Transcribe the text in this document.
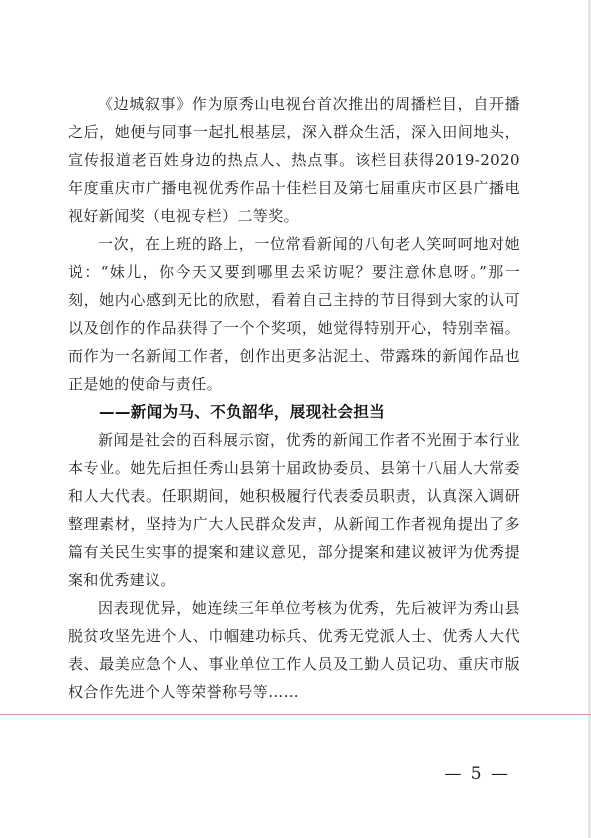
《边城叙事》作为原秀山电视台首次推出的周播栏目，自开播之后，她便与同事一起扎根基层，深入群众生活，深入田间地头，宣传报道老百姓身边的热点人、热点事。该栏目获得2019-2020年度重庆市广播电视优秀作品十佳栏目及第七届重庆市区县广播电视好新闻奖（电视专栏）二等奖。

一次，在上班的路上，一位常看新闻的八旬老人笑呵呵地对她说：“妹儿，你今天又要到哪里去采访呢？要注意休息呀。”那一刻，她内心感到无比的欣慰，看着自己主持的节目得到大家的认可以及创作的作品获得了一个个奖项，她觉得特别开心，特别幸福。而作为一名新闻工作者，创作出更多沾泥土、带露珠的新闻作品也正是她的使命与责任。

——新闻为马、不负韶华，展现社会担当

新闻是社会的百科展示窗，优秀的新闻工作者不光囿于本行业本专业。她先后担任秀山县第十届政协委员、县第十八届人大常委和人大代表。任职期间，她积极履行代表委员职责，认真深入调研整理素材，坚持为广大人民群众发声，从新闻工作者视角提出了多篇有关民生实事的提案和建议意见，部分提案和建议被评为优秀提案和优秀建议。

因表现优异，她连续三年单位考核为优秀，先后被评为秀山县脱贫攻坚先进个人、巾帼建功标兵、优秀无党派人士、优秀人大代表、最美应急个人、事业单位工作人员及工勤人员记功、重庆市版权合作先进个人等荣誉称号等……

— 5 —
